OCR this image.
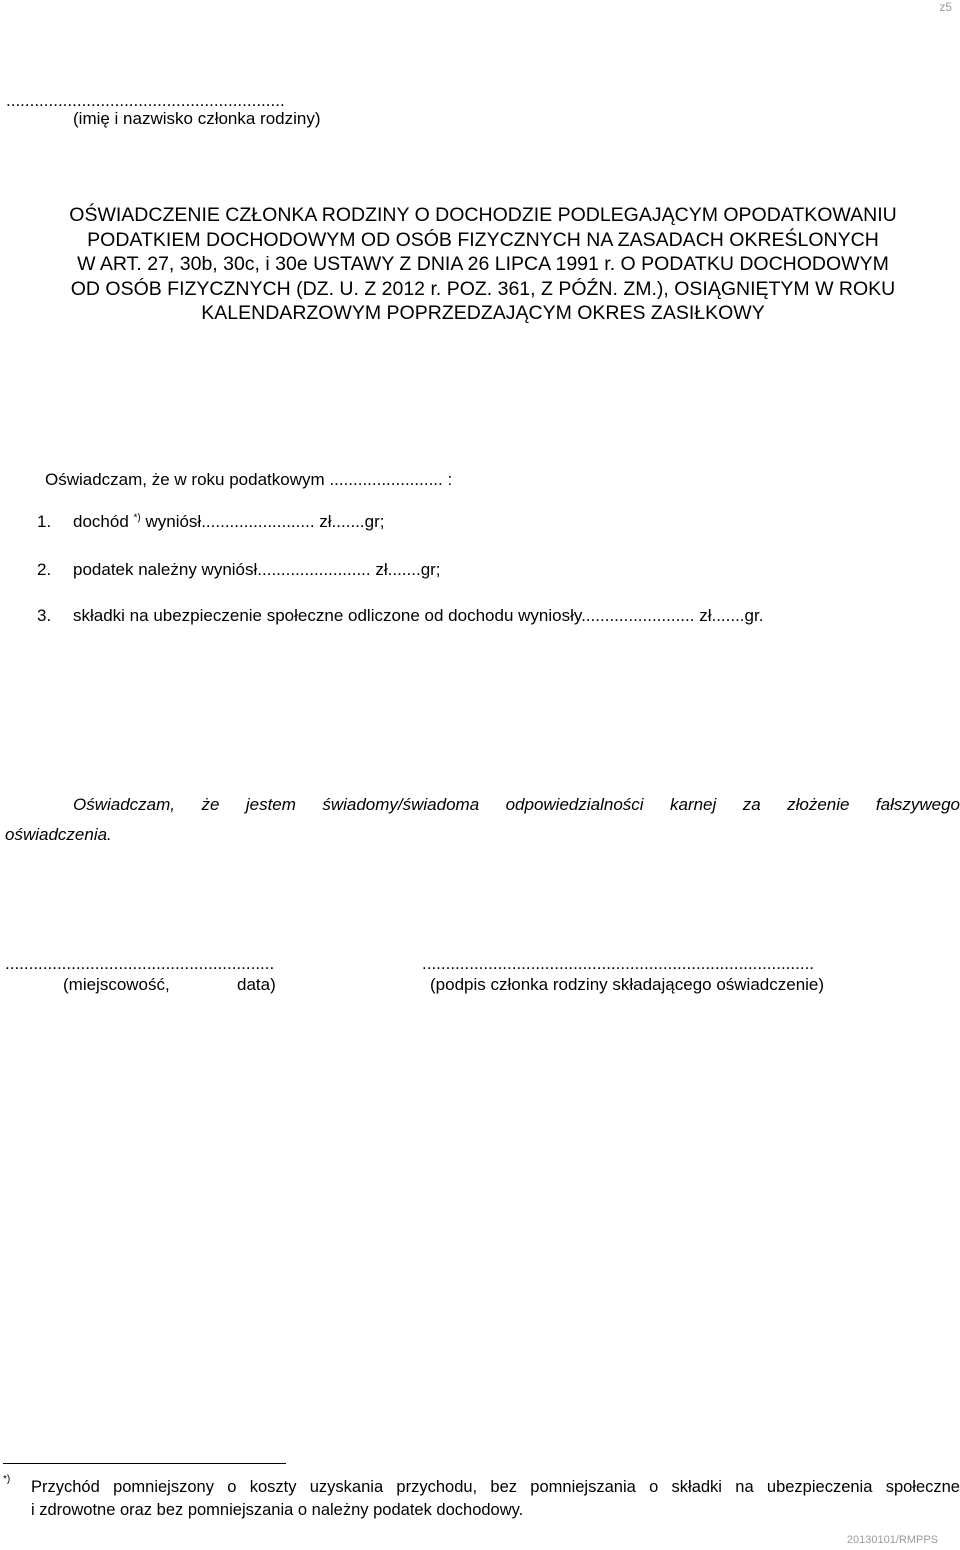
z5
...........................................................
(imię i nazwisko członka rodziny)
OŚWIADCZENIE CZŁONKA RODZINY O DOCHODZIE PODLEGAJĄCYM OPODATKOWANIU
PODATKIEM DOCHODOWYM OD OSÓB FIZYCZNYCH NA ZASADACH OKREŚLONYCH
W ART. 27, 30b, 30c, i 30e USTAWY Z DNIA 26 LIPCA 1991 r. O PODATKU DOCHODOWYM
OD OSÓB FIZYCZNYCH (DZ. U. Z 2012 r. POZ. 361, Z PÓŹN. ZM.), OSIĄGNIĘTYM W ROKU
KALENDARZOWYM POPRZEDZAJĄCYM OKRES ZASIŁKOWY
Oświadczam, że w roku podatkowym ........................ :
1. dochód *) wyniósł........................ zł.......gr;
2. podatek należny wyniósł........................ zł.......gr;
3. składki na ubezpieczenie społeczne odliczone od dochodu wyniosły........................ zł.......gr.
Oświadczam, że jestem świadomy/świadoma odpowiedzialności karnej za złożenie fałszywego
oświadczenia.
.........................................................	...................................................................................
(miejscowość,	data)	(podpis członka rodziny składającego oświadczenie)
*) Przychód pomniejszony o koszty uzyskania przychodu, bez pomniejszania o składki na ubezpieczenia społeczne
i zdrowotne oraz bez pomniejszania o należny podatek dochodowy.
20130101/RMPPS
